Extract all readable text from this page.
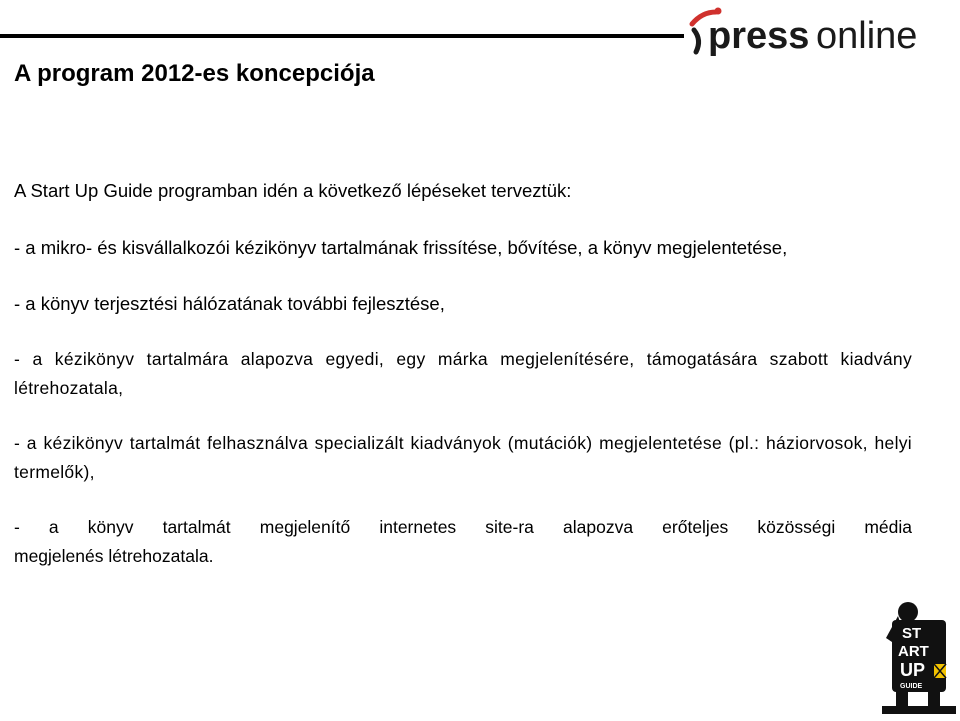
press online
A program 2012-es koncepciója

A Start Up Guide programban idén a következő lépéseket terveztük:

- a mikro- és kisvállalkozói kézikönyv tartalmának frissítése, bővítése, a könyv megjelentetése,

- a könyv terjesztési hálózatának további fejlesztése,

- a kézikönyv tartalmára alapozva egyedi, egy márka megjelenítésére, támogatására szabott kiadvány létrehozatala,

- a kézikönyv tartalmát felhasználva specializált kiadványok (mutációk) megjelentetése (pl.: háziorvosok, helyi termelők),

- a könyv tartalmát megjelenítő internetes site-ra alapozva erőteljes közösségi média
megjelenés létrehozatala.

ST
ART
UP
GUIDE
